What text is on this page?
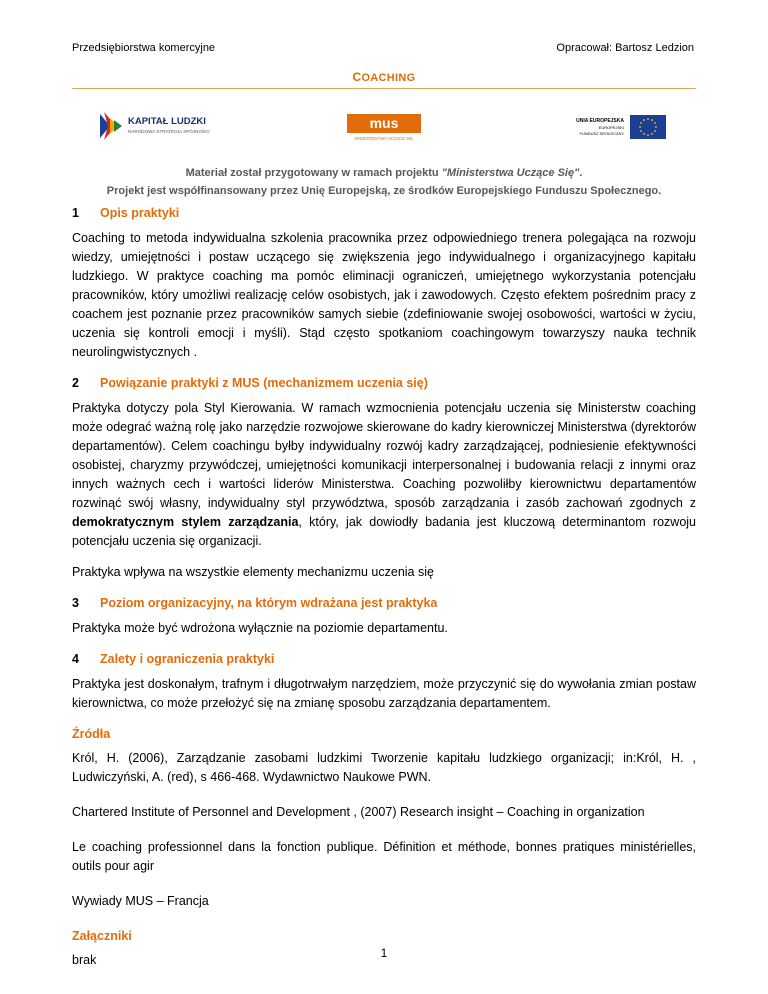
Przedsiębiorstwa komercyjne	Opracował: Bartosz Ledzion
COACHING
KAPITAŁ LUDZKI
NARODOWA STRATEGIA SPÓJNOŚCI
mus
MINISTERSTWA UCZĄCE SIĘ
UNIA EUROPEJSKA
EUROPEJSKI
FUNDUSZ SPOŁECZNY
Materiał został przygotowany w ramach projektu "Ministerstwa Uczące Się".
Projekt jest współfinansowany przez Unię Europejską, ze środków Europejskiego Funduszu Społecznego.
1	Opis praktyki

Coaching to metoda indywidualna szkolenia pracownika przez odpowiedniego trenera polegająca na rozwoju wiedzy, umiejętności i postaw uczącego się zwiększenia jego indywidualnego i organizacyjnego kapitału ludzkiego. W praktyce coaching ma pomóc eliminacji ograniczeń, umiejętnego wykorzystania potencjału pracowników, który umożliwi realizację celów osobistych, jak i zawodowych. Często efektem pośrednim pracy z coachem jest poznanie przez pracowników samych siebie (zdefiniowanie swojej osobowości, wartości w życiu, uczenia się kontroli emocji i myśli). Stąd często spotkaniom coachingowym towarzyszy nauka technik neurolingwistycznych .

2	Powiązanie praktyki z MUS (mechanizmem uczenia się)

Praktyka dotyczy pola Styl Kierowania. W ramach wzmocnienia potencjału uczenia się Ministerstw coaching może odegrać ważną rolę jako narzędzie rozwojowe skierowane do kadry kierowniczej Ministerstwa (dyrektorów departamentów). Celem coachingu byłby indywidualny rozwój kadry zarządzającej, podniesienie efektywności osobistej, charyzmy przywódczej, umiejętności komunikacji interpersonalnej i budowania relacji z innymi oraz innych ważnych cech i wartości liderów Ministerstwa. Coaching pozwoliłby kierownictwu departamentów rozwinąć swój własny, indywidualny styl przywództwa, sposób zarządzania i zasób zachowań zgodnych z demokratycznym stylem zarządzania, który, jak dowiodły badania jest kluczową determinantom rozwoju potencjału uczenia się organizacji.

Praktyka wpływa na wszystkie elementy mechanizmu uczenia się

3	Poziom organizacyjny, na którym wdrażana jest praktyka

Praktyka może być wdrożona wyłącznie na poziomie departamentu.

4	Zalety i ograniczenia praktyki

Praktyka jest doskonałym, trafnym i długotrwałym narzędziem, może przyczynić się do wywołania zmian postaw kierownictwa, co może przełożyć się na zmianę sposobu zarządzania departamentem.

Źródła

Król, H. (2006), Zarządzanie zasobami ludzkimi Tworzenie kapitału ludzkiego organizacji; in:Król, H. , Ludwiczyński, A. (red), s 466-468. Wydawnictwo Naukowe PWN.

Chartered Institute of Personnel and Development , (2007) Research insight – Coaching in organization

Le coaching professionnel dans la fonction publique. Définition et méthode, bonnes pratiques ministérielles, outils pour agir

Wywiady MUS – Francja

Załączniki

brak	1
